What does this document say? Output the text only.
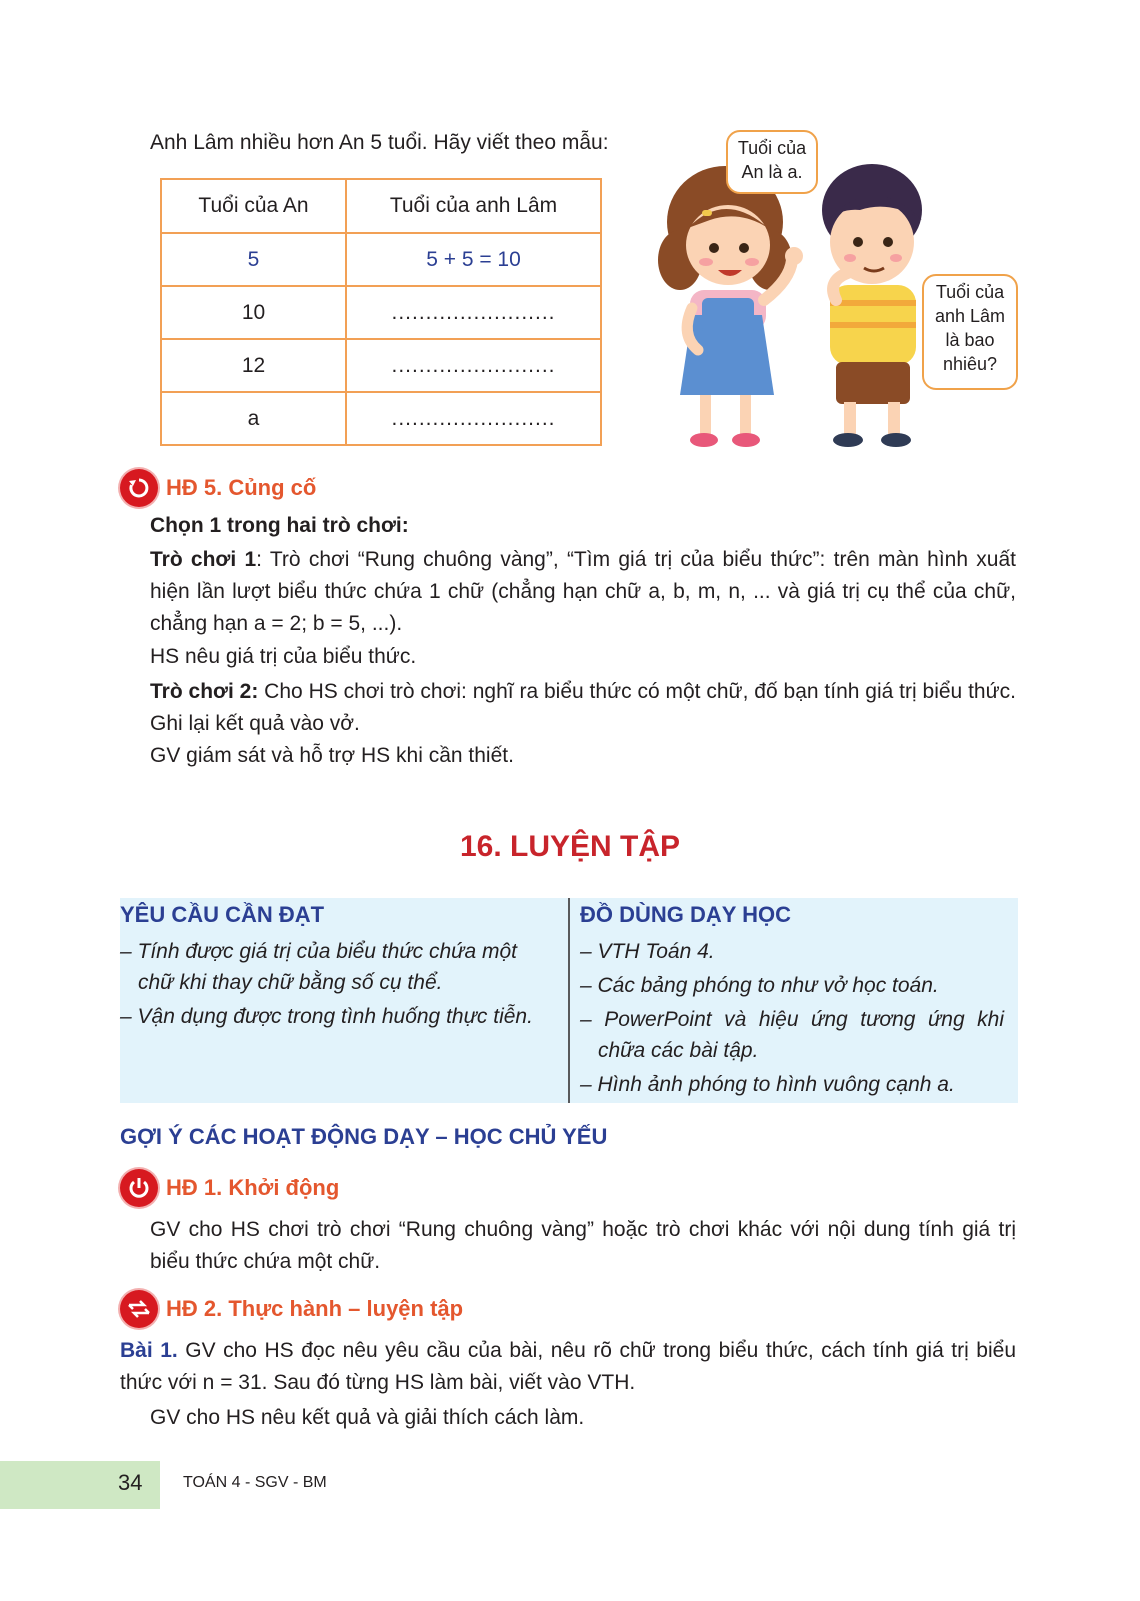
Anh Lâm nhiều hơn An 5 tuổi. Hãy viết theo mẫu:
Tuổi của An	Tuổi của anh Lâm
5	5 + 5 = 10
10	........................
12	........................
a	........................
Tuổi của
An là a.
Tuổi của
anh Lâm
là bao
nhiêu?
HĐ 5. Củng cố
Chọn 1 trong hai trò chơi:
Trò chơi 1: Trò chơi “Rung chuông vàng”, “Tìm giá trị của biểu thức”: trên màn hình xuất hiện lần lượt biểu thức chứa 1 chữ (chẳng hạn chữ a, b, m, n, ... và giá trị cụ thể của chữ, chẳng hạn a = 2; b = 5, ...).
HS nêu giá trị của biểu thức.
Trò chơi 2: Cho HS chơi trò chơi: nghĩ ra biểu thức có một chữ, đố bạn tính giá trị biểu thức. Ghi lại kết quả vào vở.
GV giám sát và hỗ trợ HS khi cần thiết.
16. LUYỆN TẬP
YÊU CẦU CẦN ĐẠT
– Tính được giá trị của biểu thức chứa một
chữ khi thay chữ bằng số cụ thể.
– Vận dụng được trong tình huống thực tiễn.
ĐỒ DÙNG DẠY HỌC
– VTH Toán 4.
– Các bảng phóng to như vở học toán.
– PowerPoint và hiệu ứng tương ứng khi
chữa các bài tập.
– Hình ảnh phóng to hình vuông cạnh a.
GỢI Ý CÁC HOẠT ĐỘNG DẠY – HỌC CHỦ YẾU
HĐ 1. Khởi động
GV cho HS chơi trò chơi “Rung chuông vàng” hoặc trò chơi khác với nội dung tính giá trị biểu thức chứa một chữ.
HĐ 2. Thực hành – luyện tập
Bài 1. GV cho HS đọc nêu yêu cầu của bài, nêu rõ chữ trong biểu thức, cách tính giá trị biểu thức với n = 31. Sau đó từng HS làm bài, viết vào VTH.
GV cho HS nêu kết quả và giải thích cách làm.
34	TOÁN 4 - SGV - BM
